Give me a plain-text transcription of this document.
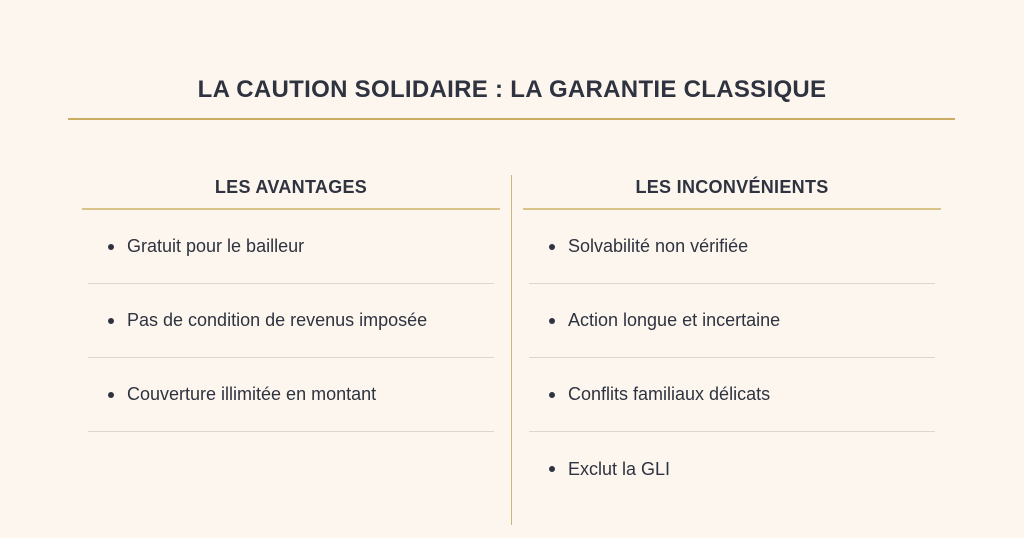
LA CAUTION SOLIDAIRE : LA GARANTIE CLASSIQUE
LES AVANTAGES
Gratuit pour le bailleur
Pas de condition de revenus imposée
Couverture illimitée en montant
LES INCONVÉNIENTS
Solvabilité non vérifiée
Action longue et incertaine
Conflits familiaux délicats
Exclut la GLI
